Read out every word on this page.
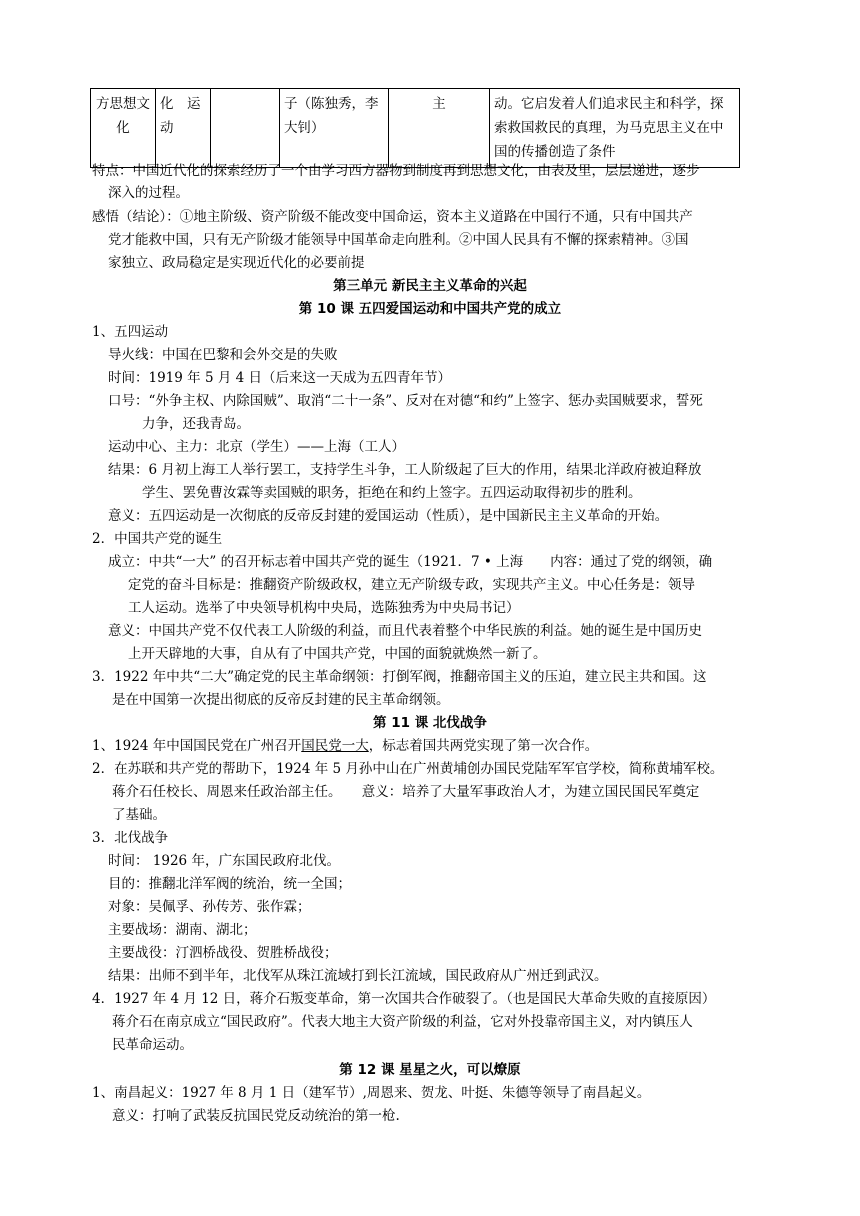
方思想文化	化　运动		子（陈独秀，李大钊）	主	动。它启发着人们追求民主和科学，探索救国救民的真理，为马克思主义在中国的传播创造了条件
特点：中国近代化的探索经历了一个由学习西方器物到制度再到思想文化，由表及里，层层递进，逐步
深入的过程。
感悟（结论）：①地主阶级、资产阶级不能改变中国命运，资本主义道路在中国行不通，只有中国共产
党才能救中国，只有无产阶级才能领导中国革命走向胜利。②中国人民具有不懈的探索精神。③国
家独立、政局稳定是实现近代化的必要前提
第三单元 新民主主义革命的兴起
第 10 课 五四爱国运动和中国共产党的成立
1、五四运动
导火线：中国在巴黎和会外交是的失败
时间：1919 年 5 月 4 日（后来这一天成为五四青年节）
口号：“外争主权、内除国贼”、取消“二十一条”、反对在对德“和约”上签字、惩办卖国贼要求，誓死
力争，还我青岛。
运动中心、主力：北京（学生）——上海（工人）
结果：6 月初上海工人举行罢工，支持学生斗争，工人阶级起了巨大的作用，结果北洋政府被迫释放
学生、罢免曹汝霖等卖国贼的职务，拒绝在和约上签字。五四运动取得初步的胜利。
意义：五四运动是一次彻底的反帝反封建的爱国运动（性质），是中国新民主主义革命的开始。
2．中国共产党的诞生
成立：中共“一大” 的召开标志着中国共产党的诞生（1921．7 • 上海　　内容：通过了党的纲领，确
定党的奋斗目标是：推翻资产阶级政权，建立无产阶级专政，实现共产主义。中心任务是：领导
工人运动。选举了中央领导机构中央局，选陈独秀为中央局书记）
意义：中国共产党不仅代表工人阶级的利益，而且代表着整个中华民族的利益。她的诞生是中国历史
上开天辟地的大事，自从有了中国共产党，中国的面貌就焕然一新了。
3．1922 年中共“二大”确定党的民主革命纲领：打倒军阀，推翻帝国主义的压迫，建立民主共和国。这
是在中国第一次提出彻底的反帝反封建的民主革命纲领。
第 11 课 北伐战争
1、1924 年中国国民党在广州召开国民党一大，标志着国共两党实现了第一次合作。
2．在苏联和共产党的帮助下，1924 年 5 月孙中山在广州黄埔创办国民党陆军军官学校，简称黄埔军校。
蒋介石任校长、周恩来任政治部主任。　　意义：培养了大量军事政治人才，为建立国民国民军奠定
了基础。
3．北伐战争
时间： 1926 年，广东国民政府北伐。
目的：推翻北洋军阀的统治，统一全国；
对象：吴佩孚、孙传芳、张作霖；
主要战场：湖南、湖北；
主要战役：汀泗桥战役、贺胜桥战役；
结果：出师不到半年，北伐军从珠江流域打到长江流域，国民政府从广州迁到武汉。
4．1927 年 4 月 12 日，蒋介石叛变革命，第一次国共合作破裂了。（也是国民大革命失败的直接原因）
蒋介石在南京成立“国民政府”。代表大地主大资产阶级的利益，它对外投靠帝国主义，对内镇压人
民革命运动。
第 12 课 星星之火，可以燎原
1、南昌起义：1927 年 8 月 1 日（建军节）,周恩来、贺龙、叶挺、朱德等领导了南昌起义。
意义：打响了武装反抗国民党反动统治的第一枪.
